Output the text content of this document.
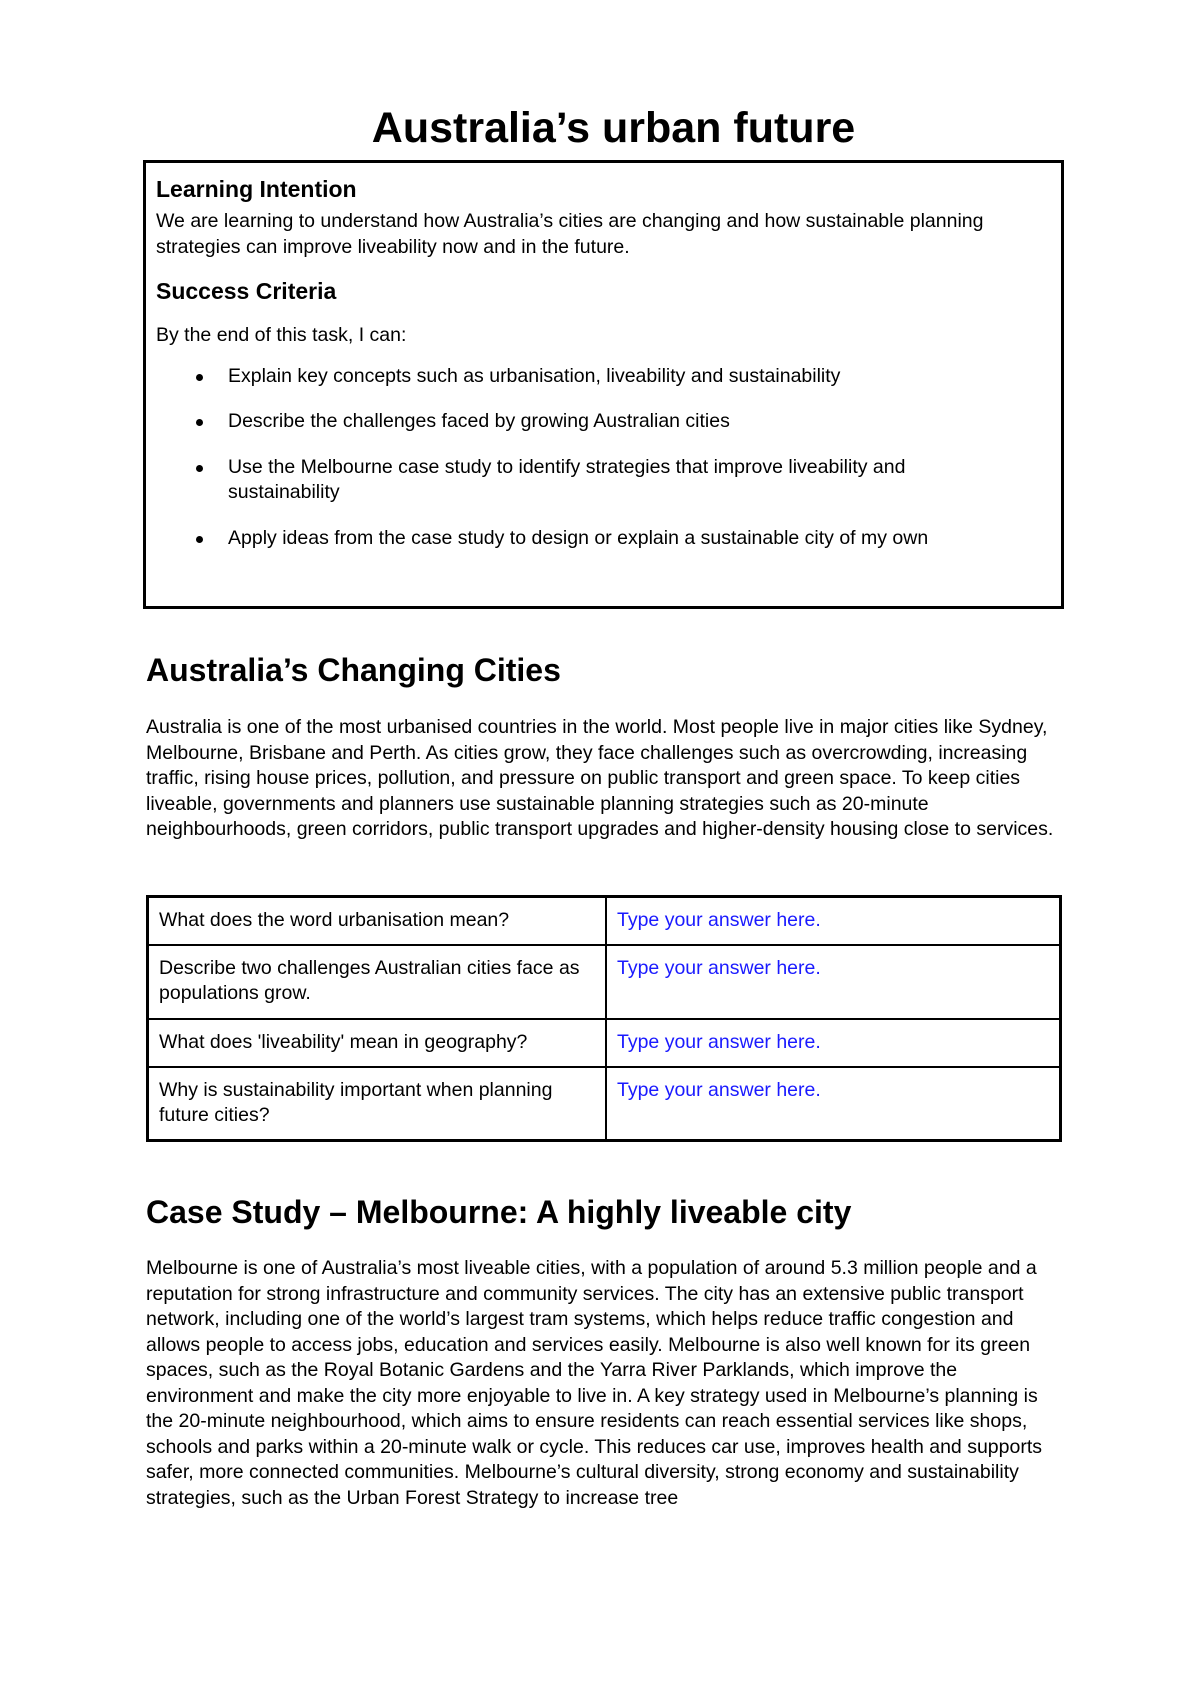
Australia’s urban future

Learning Intention

We are learning to understand how Australia’s cities are changing and how sustainable planning strategies can improve liveability now and in the future.

Success Criteria

By the end of this task, I can:

Explain key concepts such as urbanisation, liveability and sustainability
Describe the challenges faced by growing Australian cities
Use the Melbourne case study to identify strategies that improve liveability and sustainability
Apply ideas from the case study to design or explain a sustainable city of my own
Australia’s Changing Cities

Australia is one of the most urbanised countries in the world. Most people live in major cities like Sydney, Melbourne, Brisbane and Perth. As cities grow, they face challenges such as overcrowding, increasing traffic, rising house prices, pollution, and pressure on public transport and green space. To keep cities liveable, governments and planners use sustainable planning strategies such as 20-minute neighbourhoods, green corridors, public transport upgrades and higher-density housing close to services.

What does the word urbanisation mean?	Type your answer here.
Describe two challenges Australian cities face as populations grow.	Type your answer here.
What does 'liveability' mean in geography?	Type your answer here.
Why is sustainability important when planning future cities?	Type your answer here.
Case Study – Melbourne: A highly liveable city

Melbourne is one of Australia’s most liveable cities, with a population of around 5.3 million people and a reputation for strong infrastructure and community services. The city has an extensive public transport network, including one of the world’s largest tram systems, which helps reduce traffic congestion and allows people to access jobs, education and services easily. Melbourne is also well known for its green spaces, such as the Royal Botanic Gardens and the Yarra River Parklands, which improve the environment and make the city more enjoyable to live in. A key strategy used in Melbourne’s planning is the 20-minute neighbourhood, which aims to ensure residents can reach essential services like shops, schools and parks within a 20-minute walk or cycle. This reduces car use, improves health and supports safer, more connected communities. Melbourne’s cultural diversity, strong economy and sustainability strategies, such as the Urban Forest Strategy to increase tree
